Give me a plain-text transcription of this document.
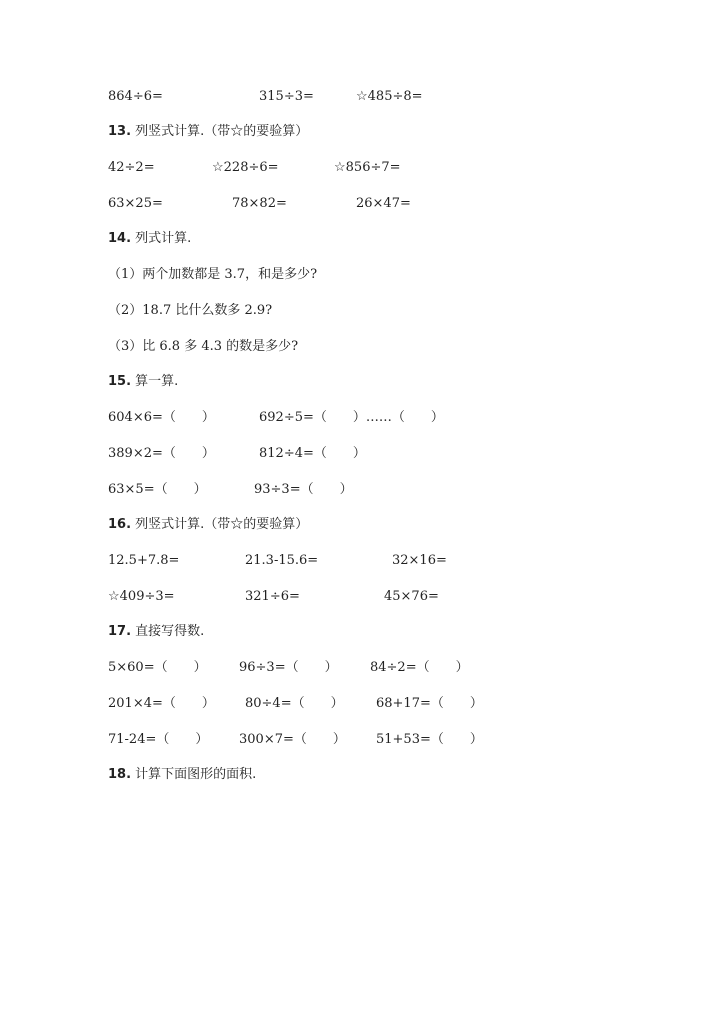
864÷6=	315÷3=	☆485÷8=
13. 列竖式计算.（带☆的要验算）
42÷2=	☆228÷6=	☆856÷7=
63×25=	78×82=	26×47=
14. 列式计算.
（1）两个加数都是 3.7，和是多少?
（2）18.7 比什么数多 2.9?
（3）比 6.8 多 4.3 的数是多少?
15. 算一算.
604×6=（　　）	692÷5=（　　）……（　　）
389×2=（　　）	812÷4=（　　）
63×5=（　　）	93÷3=（　　）
16. 列竖式计算.（带☆的要验算）
12.5+7.8=	21.3-15.6=	32×16=
☆409÷3=	321÷6=	45×76=
17. 直接写得数.
5×60=（　　） 96÷3=（　　） 84÷2=（　　）
201×4=（　　） 80÷4=（　　） 68+17=（　　）
71-24=（　　） 300×7=（　　） 51+53=（　　）
18. 计算下面图形的面积.
